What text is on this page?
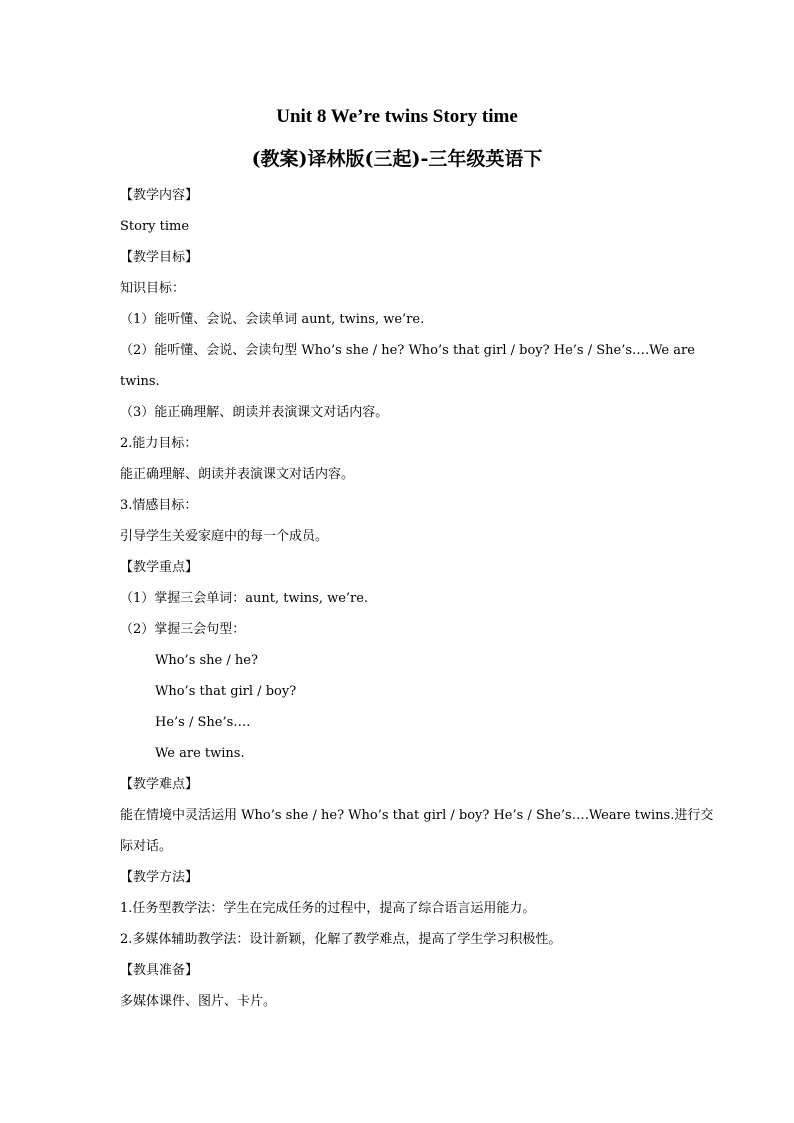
Unit 8 We’re twins Story time
(教案)译林版(三起)-三年级英语下
【教学内容】
Story time
【教学目标】
知识目标：
（1）能听懂、会说、会读单词 aunt, twins, we’re.
（2）能听懂、会说、会读句型 Who’s she / he? Who’s that girl / boy? He’s / She’s….We are
twins.
（3）能正确理解、朗读并表演课文对话内容。
2.能力目标：
能正确理解、朗读并表演课文对话内容。
3.情感目标：
引导学生关爱家庭中的每一个成员。
【教学重点】
（1）掌握三会单词：aunt, twins, we’re.
（2）掌握三会句型：
Who’s she / he?
Who’s that girl / boy?
He’s / She’s….
We are twins.
【教学难点】
能在情境中灵活运用 Who’s she / he? Who’s that girl / boy? He’s / She’s….Weare twins.进行交
际对话。
【教学方法】
1.任务型教学法：学生在完成任务的过程中，提高了综合语言运用能力。
2.多媒体辅助教学法：设计新颖，化解了教学难点，提高了学生学习积极性。
【教具准备】
多媒体课件、图片、卡片。
